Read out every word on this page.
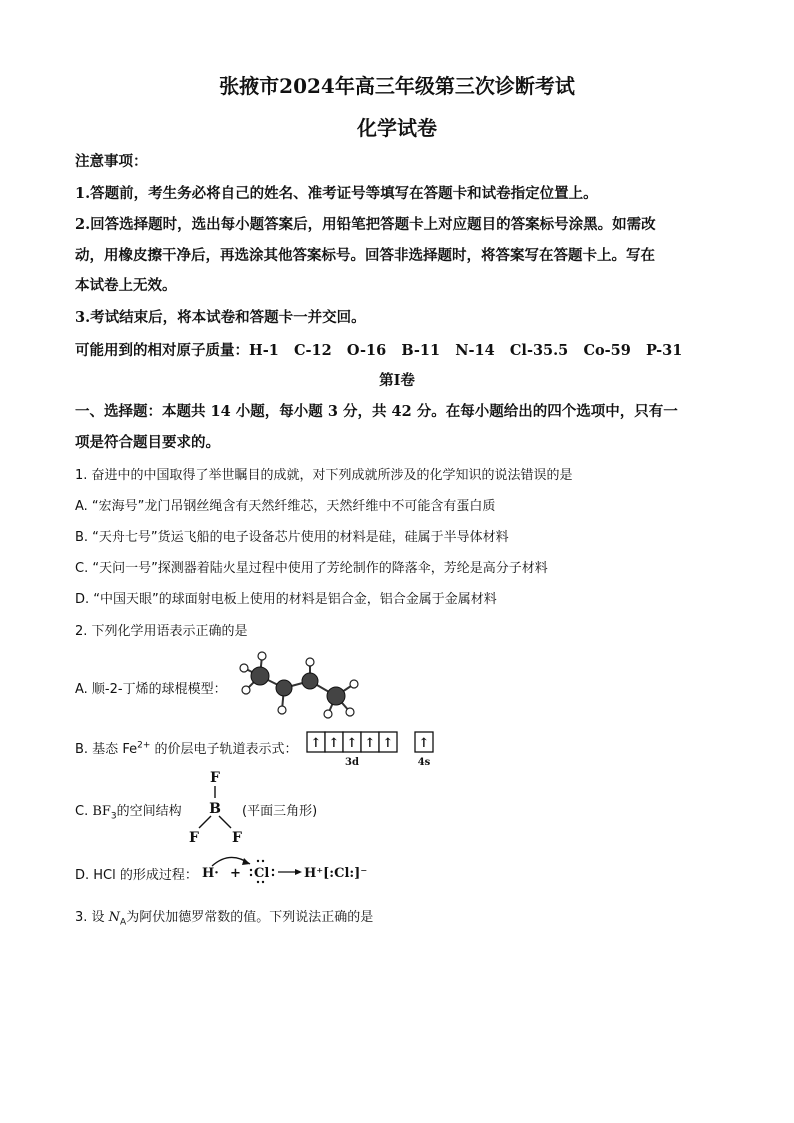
张掖市2024年高三年级第三次诊断考试
化学试卷
注意事项：
1.答题前，考生务必将自己的姓名、准考证号等填写在答题卡和试卷指定位置上。
2.回答选择题时，选出每小题答案后，用铅笔把答题卡上对应题目的答案标号涂黑。如需改
动，用橡皮擦干净后，再选涂其他答案标号。回答非选择题时，将答案写在答题卡上。写在
本试卷上无效。
3.考试结束后，将本试卷和答题卡一并交回。
可能用到的相对原子质量：H-1 C-12 O-16 B-11 N-14 Cl-35.5 Co-59 P-31
第Ⅰ卷
一、选择题：本题共 14 小题，每小题 3 分，共 42 分。在每小题给出的四个选项中，只有一
项是符合题目要求的。
1. 奋进中的中国取得了举世瞩目的成就，对下列成就所涉及的化学知识的说法错误的是
A. “宏海号”龙门吊钢丝绳含有天然纤维芯，天然纤维中不可能含有蛋白质
B. “天舟七号”货运飞船的电子设备芯片使用的材料是硅，硅属于半导体材料
C. “天问一号”探测器着陆火星过程中使用了芳纶制作的降落伞，芳纶是高分子材料
D. “中国天眼”的球面射电板上使用的材料是铝合金，铝合金属于金属材料
2. 下列化学用语表示正确的是
A. 顺-2-丁烯的球棍模型：
B. 基态 $Fe^{2+}$ 的价层电子轨道表示式： ↑ ↑ ↑ ↑ ↑ ↑
3d	4s
C. $BF_3$的空间结构
F
B
F F
(平面三角形)
D. HCl 的形成过程： H· + Cl	H⁺[:Cl:]⁻
3. 设 $N_A$为阿伏加德罗常数的值。下列说法正确的是
